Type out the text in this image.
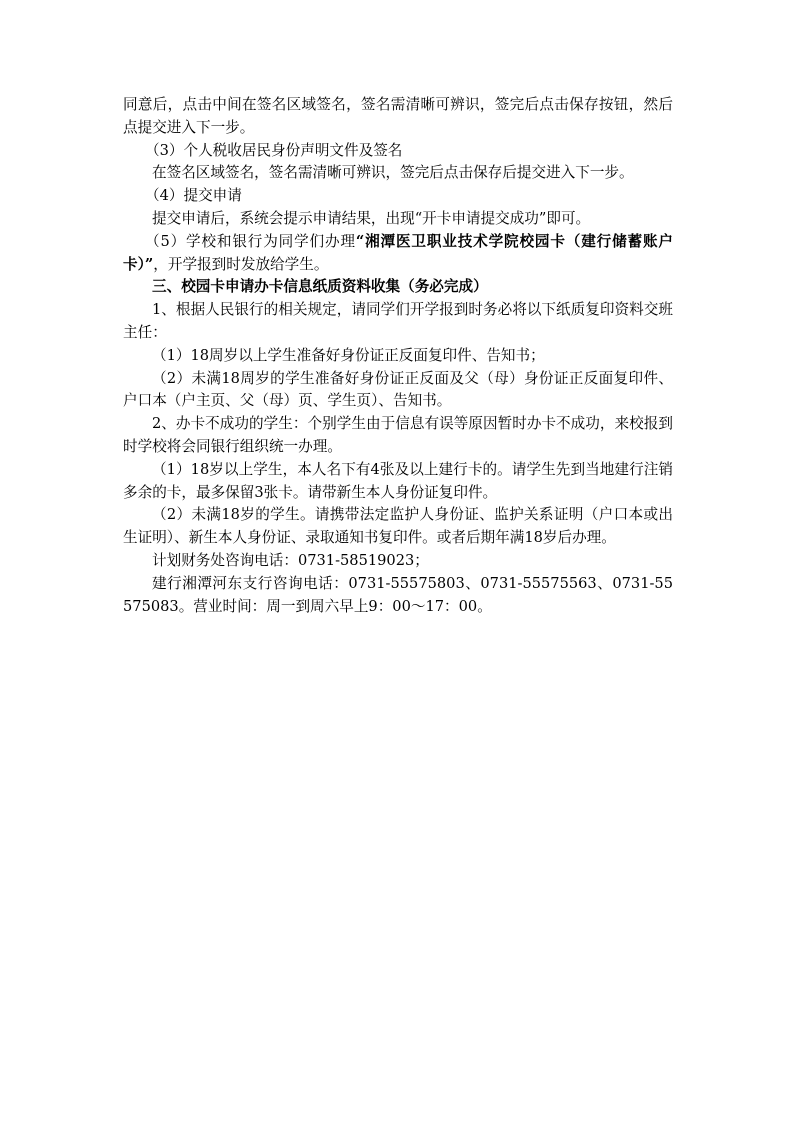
同意后，点击中间在签名区域签名，签名需清晰可辨识，签完后点击保存按钮，然后点提交进入下一步。

（3）个人税收居民身份声明文件及签名

在签名区域签名，签名需清晰可辨识，签完后点击保存后提交进入下一步。

（4）提交申请

提交申请后，系统会提示申请结果，出现“开卡申请提交成功”即可。

（5）学校和银行为同学们办理“湘潭医卫职业技术学院校园卡（建行储蓄账户卡）”，开学报到时发放给学生。

三、校园卡申请办卡信息纸质资料收集（务必完成）

1、根据人民银行的相关规定，请同学们开学报到时务必将以下纸质复印资料交班主任：

（1）18周岁以上学生准备好身份证正反面复印件、告知书；

（2）未满18周岁的学生准备好身份证正反面及父（母）身份证正反面复印件、户口本（户主页、父（母）页、学生页）、告知书。

2、办卡不成功的学生：个别学生由于信息有误等原因暂时办卡不成功，来校报到时学校将会同银行组织统一办理。

（1）18岁以上学生，本人名下有4张及以上建行卡的。请学生先到当地建行注销多余的卡，最多保留3张卡。请带新生本人身份证复印件。

（2）未满18岁的学生。请携带法定监护人身份证、监护关系证明（户口本或出生证明）、新生本人身份证、录取通知书复印件。或者后期年满18岁后办理。

计划财务处咨询电话：0731-58519023；

建行湘潭河东支行咨询电话：0731-55575803、0731-55575563、0731-55575083。营业时间：周一到周六早上9：00～17：00。
